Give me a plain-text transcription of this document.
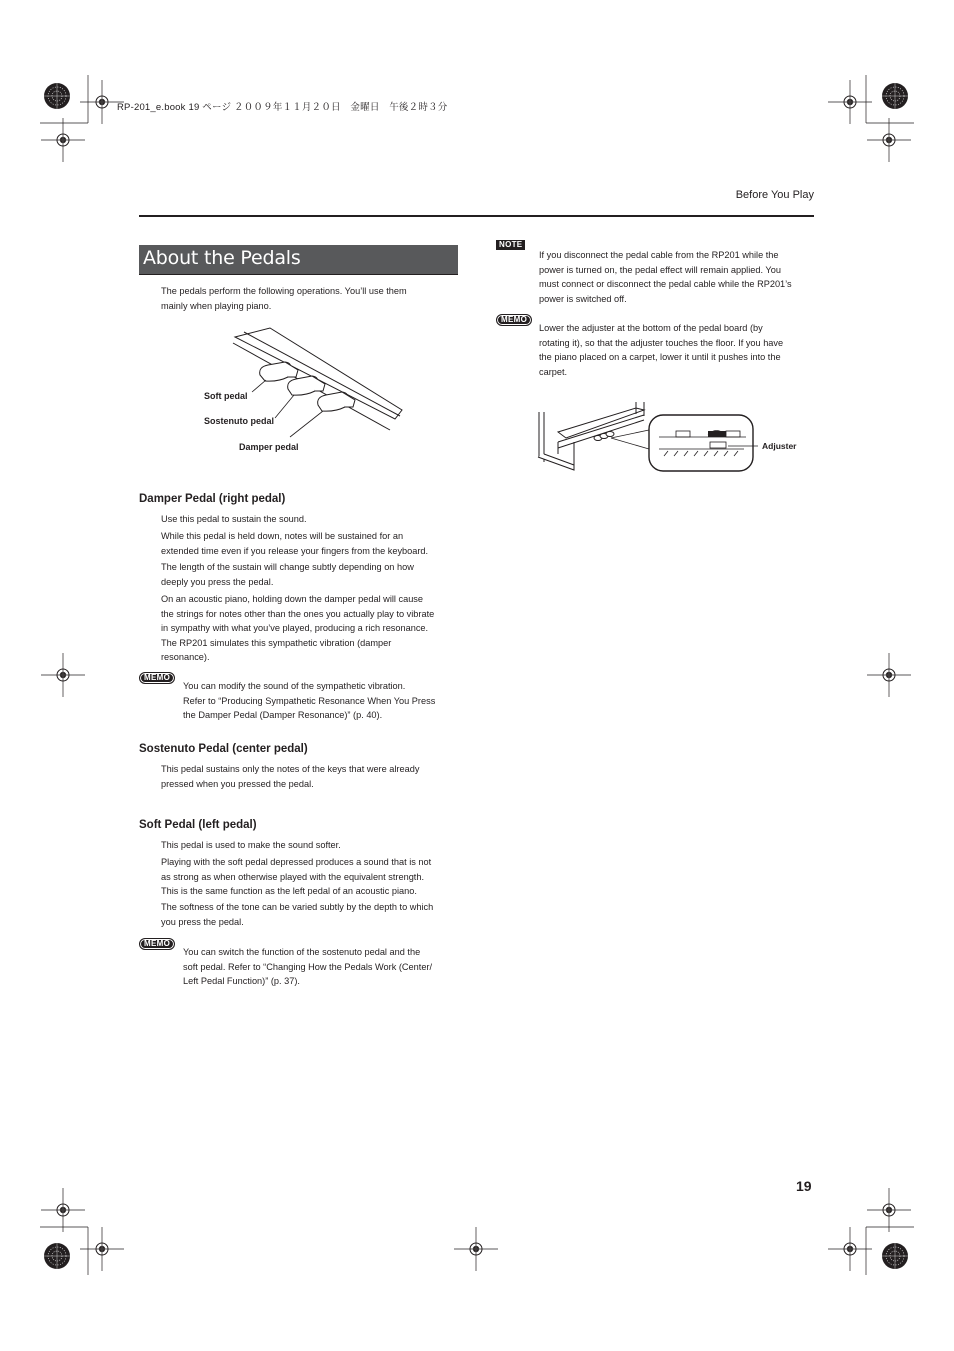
RP-201_e.book 19 ページ ２００９年１１月２０日　金曜日　午後２時３分
Before You Play
About the Pedals

The pedals perform the following operations. You’ll use them
mainly when playing piano.

Soft pedal
Sostenuto pedal
Damper pedal
Damper Pedal (right pedal)

Use this pedal to sustain the sound.

While this pedal is held down, notes will be sustained for an
extended time even if you release your fingers from the keyboard.

The length of the sustain will change subtly depending on how
deeply you press the pedal.

On an acoustic piano, holding down the damper pedal will cause
the strings for notes other than the ones you actually play to vibrate
in sympathy with what you’ve played, producing a rich resonance.
The RP201 simulates this sympathetic vibration (damper
resonance).

MEMO

You can modify the sound of the sympathetic vibration.
Refer to “Producing Sympathetic Resonance When You Press
the Damper Pedal (Damper Resonance)” (p. 40).

Sostenuto Pedal (center pedal)

This pedal sustains only the notes of the keys that were already
pressed when you pressed the pedal.

Soft Pedal (left pedal)

This pedal is used to make the sound softer.

Playing with the soft pedal depressed produces a sound that is not
as strong as when otherwise played with the equivalent strength.
This is the same function as the left pedal of an acoustic piano.

The softness of the tone can be varied subtly by the depth to which
you press the pedal.

MEMO

You can switch the function of the sostenuto pedal and the
soft pedal. Refer to “Changing How the Pedals Work (Center/
Left Pedal Function)” (p. 37).

NOTE

If you disconnect the pedal cable from the RP201 while the
power is turned on, the pedal effect will remain applied. You
must connect or disconnect the pedal cable while the RP201’s
power is switched off.

MEMO

Lower the adjuster at the bottom of the pedal board (by
rotating it), so that the adjuster touches the floor. If you have
the piano placed on a carpet, lower it until it pushes into the
carpet.

Adjuster
19
